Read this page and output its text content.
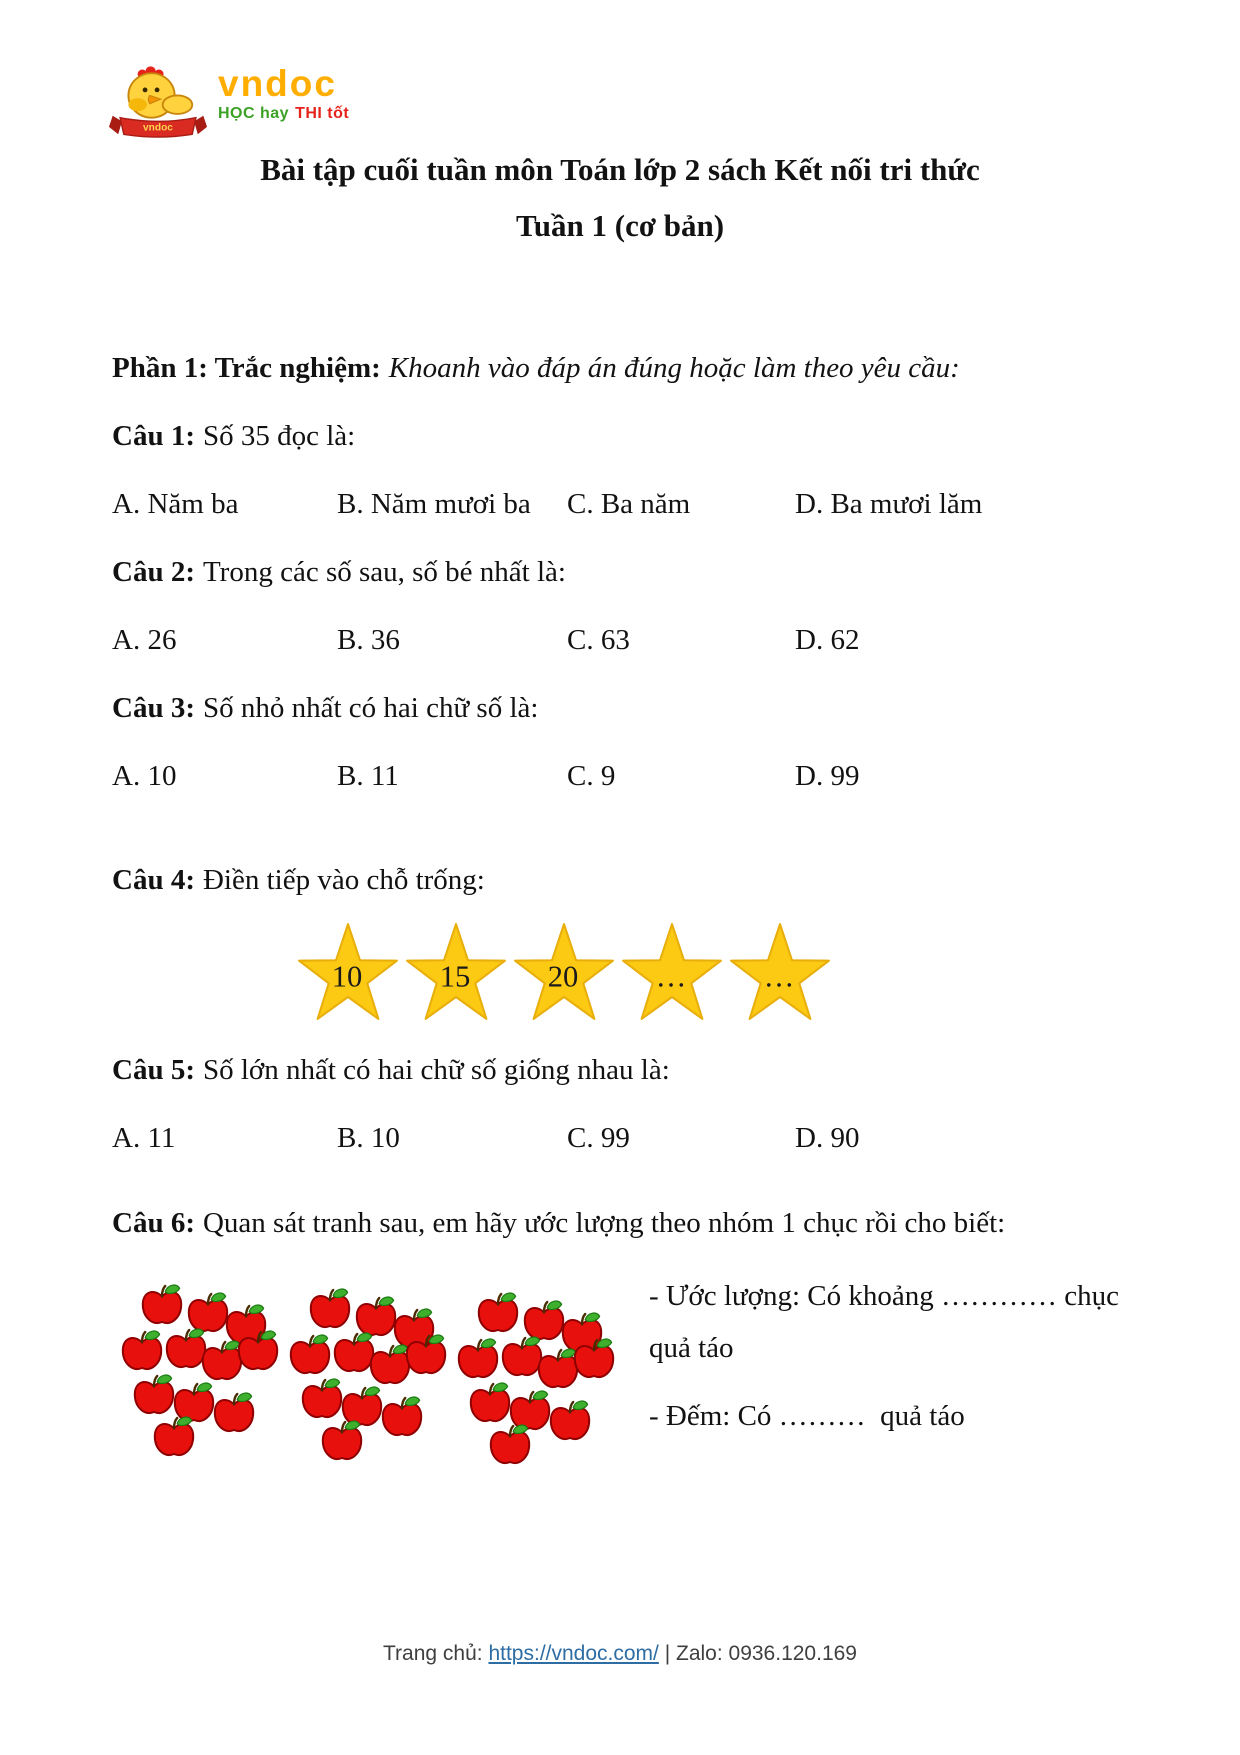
vndoc
vndoc
HỌC hay THI tốt
Bài tập cuối tuần môn Toán lớp 2 sách Kết nối tri thức
Tuần 1 (cơ bản)
Phần 1: Trắc nghiệm: Khoanh vào đáp án đúng hoặc làm theo yêu cầu:
Câu 1: Số 35 đọc là:
A. Năm ba	B. Năm mươi ba	C. Ba năm	D. Ba mươi lăm
Câu 2: Trong các số sau, số bé nhất là:
A. 26	B. 36	C. 63	D. 62
Câu 3: Số nhỏ nhất có hai chữ số là:
A. 10	B. 11	C. 9	D. 99
Câu 4: Điền tiếp vào chỗ trống:
10	15	20	…	…
Câu 5: Số lớn nhất có hai chữ số giống nhau là:
A. 11	B. 10	C. 99	D. 90
Câu 6: Quan sát tranh sau, em hãy ước lượng theo nhóm 1 chục rồi cho biết:
- Ước lượng: Có khoảng ………… chục
quả táo
- Đếm: Có ………  quả táo
Trang chủ: https://vndoc.com/ | Zalo: 0936.120.169
